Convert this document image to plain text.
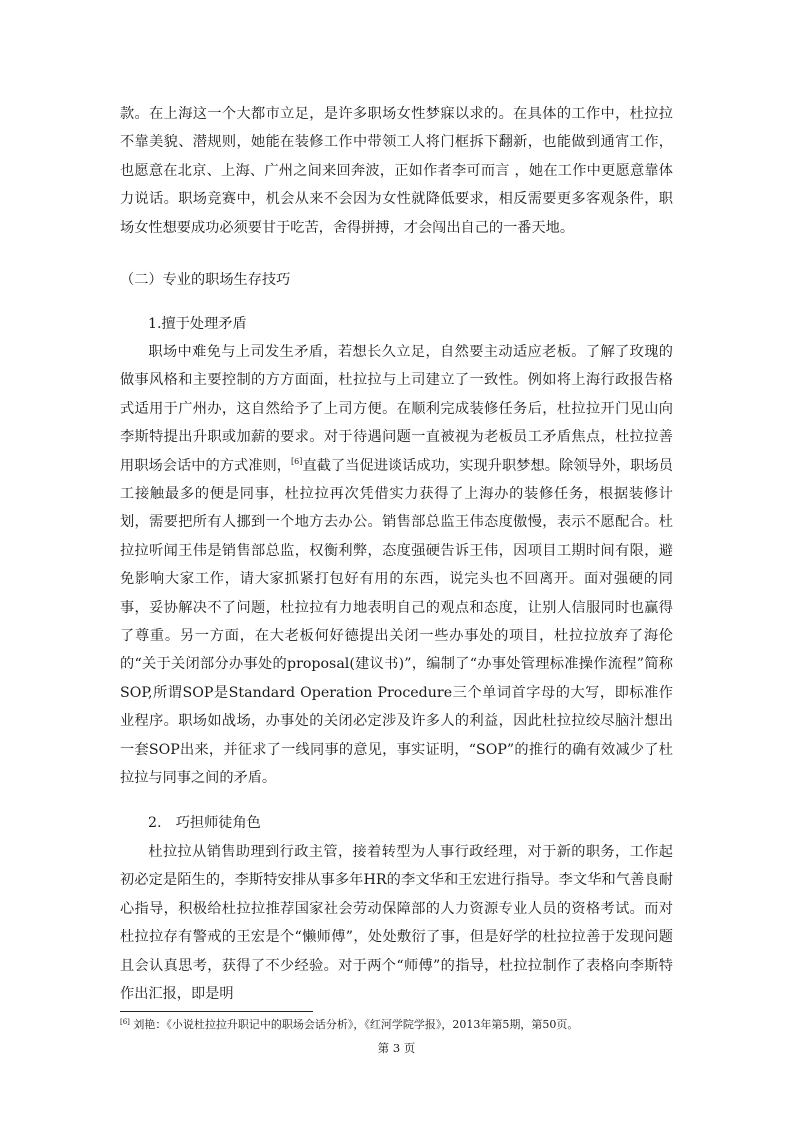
款。在上海这一个大都市立足，是许多职场女性梦寐以求的。在具体的工作中，杜拉拉不靠美貌、潜规则，她能在装修工作中带领工人将门框拆下翻新，也能做到通宵工作，也愿意在北京、上海、广州之间来回奔波，正如作者李可而言 ，她在工作中更愿意靠体力说话。职场竞赛中，机会从来不会因为女性就降低要求，相反需要更多客观条件，职场女性想要成功必须要甘于吃苦，舍得拼搏，才会闯出自己的一番天地。

（二）专业的职场生存技巧
1.擅于处理矛盾

职场中难免与上司发生矛盾，若想长久立足，自然要主动适应老板。了解了玫瑰的做事风格和主要控制的方方面面，杜拉拉与上司建立了一致性。例如将上海行政报告格式适用于广州办，这自然给予了上司方便。在顺利完成装修任务后，杜拉拉开门见山向李斯特提出升职或加薪的要求。对于待遇问题一直被视为老板员工矛盾焦点，杜拉拉善用职场会话中的方式准则，[6]直截了当促进谈话成功，实现升职梦想。除领导外，职场员工接触最多的便是同事，杜拉拉再次凭借实力获得了上海办的装修任务，根据装修计划，需要把所有人挪到一个地方去办公。销售部总监王伟态度傲慢，表示不愿配合。杜拉拉听闻王伟是销售部总监，权衡利弊，态度强硬告诉王伟，因项目工期时间有限，避免影响大家工作，请大家抓紧打包好有用的东西，说完头也不回离开。面对强硬的同事，妥协解决不了问题，杜拉拉有力地表明自己的观点和态度，让别人信服同时也赢得了尊重。另一方面，在大老板何好德提出关闭一些办事处的项目，杜拉拉放弃了海伦的“关于关闭部分办事处的proposal(建议书)”，编制了“办事处管理标准操作流程”简称SOP,所谓SOP是Standard Operation Procedure三个单词首字母的大写，即标准作业程序。职场如战场，办事处的关闭必定涉及许多人的利益，因此杜拉拉绞尽脑汁想出一套SOP出来，并征求了一线同事的意见，事实证明，“SOP”的推行的确有效减少了杜拉拉与同事之间的矛盾。

2.　巧担师徒角色

杜拉拉从销售助理到行政主管，接着转型为人事行政经理，对于新的职务，工作起初必定是陌生的，李斯特安排从事多年HR的李文华和王宏进行指导。李文华和气善良耐心指导，积极给杜拉拉推荐国家社会劳动保障部的人力资源专业人员的资格考试。而对杜拉拉存有警戒的王宏是个“懒师傅”，处处敷衍了事，但是好学的杜拉拉善于发现问题且会认真思考，获得了不少经验。对于两个“师傅”的指导，杜拉拉制作了表格向李斯特作出汇报，即是明

[6] 刘艳：《小说杜拉拉升职记中的职场会话分析》，《红河学院学报》，2013年第5期，第50页。

第 3 页
